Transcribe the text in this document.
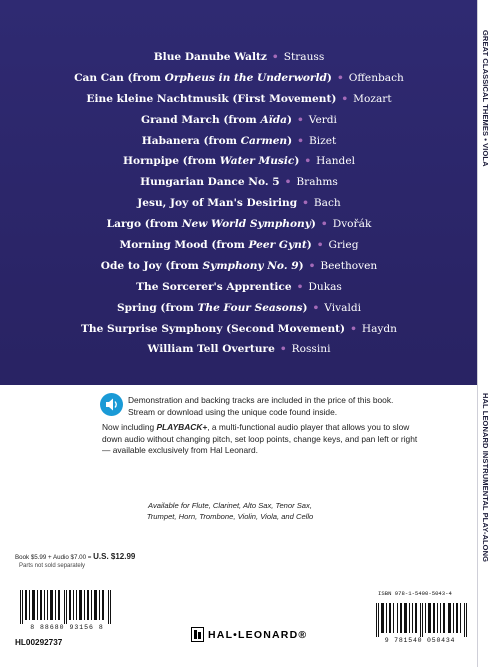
Blue Danube Waltz • Strauss
Can Can (from Orpheus in the Underworld) • Offenbach
Eine kleine Nachtmusik (First Movement) • Mozart
Grand March (from Aïda) • Verdi
Habanera (from Carmen) • Bizet
Hornpipe (from Water Music) • Handel
Hungarian Dance No. 5 • Brahms
Jesu, Joy of Man's Desiring • Bach
Largo (from New World Symphony) • Dvořák
Morning Mood (from Peer Gynt) • Grieg
Ode to Joy (from Symphony No. 9) • Beethoven
The Sorcerer's Apprentice • Dukas
Spring (from The Four Seasons) • Vivaldi
The Surprise Symphony (Second Movement) • Haydn
William Tell Overture • Rossini
Demonstration and backing tracks are included in the price of this book.
Stream or download using the unique code found inside.
Now including PLAYBACK+, a multi-functional audio player that allows you to slow down audio without changing pitch, set loop points, change keys, and pan left or right — available exclusively from Hal Leonard.
Available for Flute, Clarinet, Alto Sax, Tenor Sax,
Trumpet, Horn, Trombone, Violin, Viola, and Cello
Book $5.99 + Audio $7.00 = U.S. $12.99
Parts not sold separately
8 88680 93156 8
HL00292737
HAL•LEONARD®
ISBN 978-1-5400-5043-4
9 781540 050434
GREAT CLASSICAL THEMES • VIOLA
HAL LEONARD INSTRUMENTAL PLAY-ALONG
